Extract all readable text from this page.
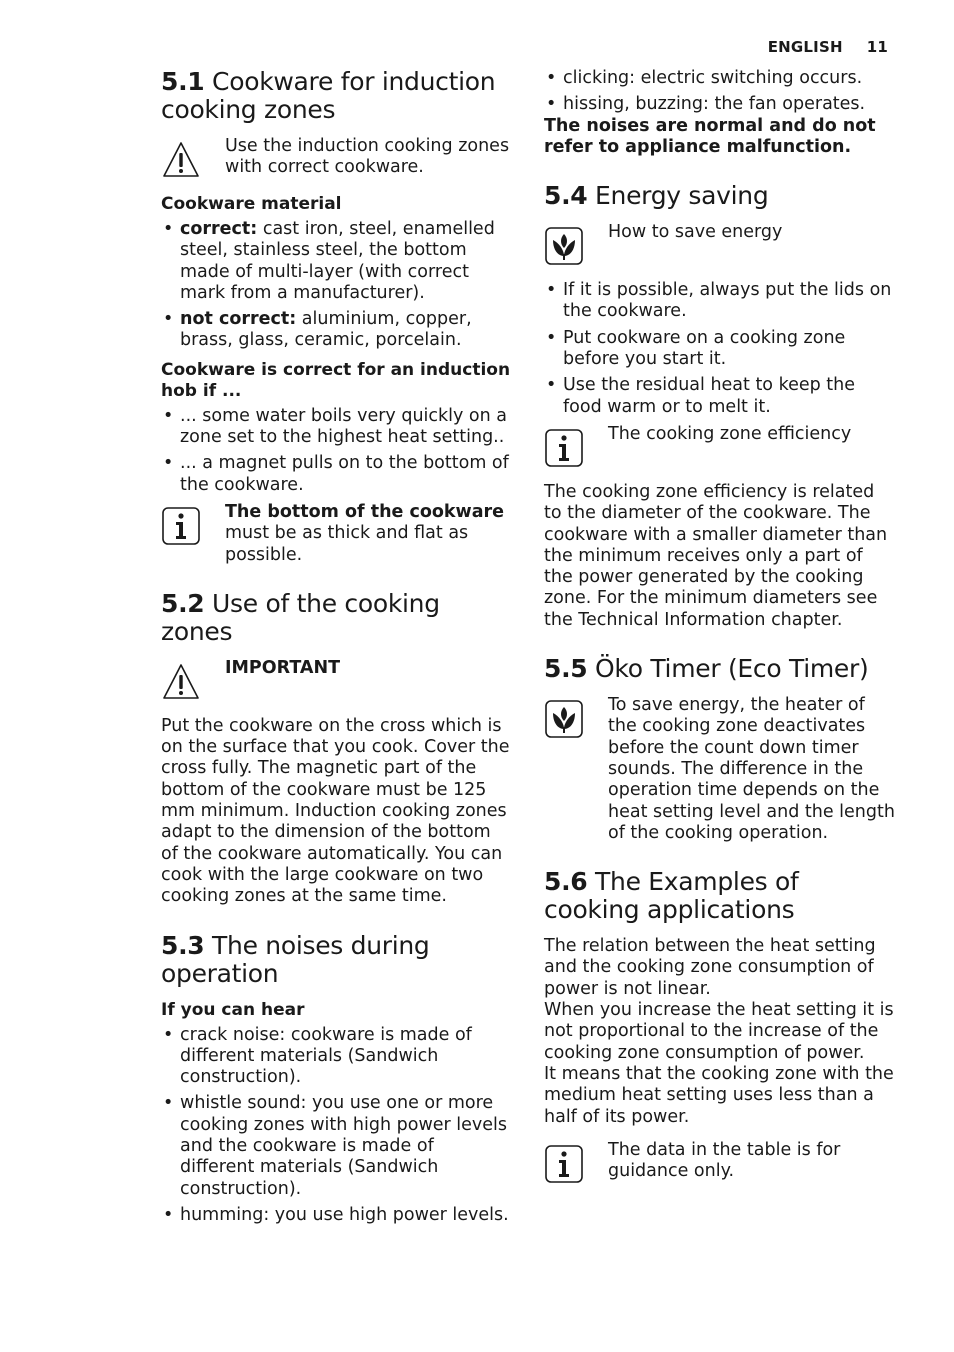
ENGLISH 11
5.1 Cookware for induction cooking zones
Use the induction cooking zones with correct cookware.
Cookware material
• correct: cast iron, steel, enamelled steel, stainless steel, the bottom made of multi-layer (with correct mark from a manufacturer).
• not correct: aluminium, copper, brass, glass, ceramic, porcelain.
Cookware is correct for an induction hob if ...
• ... some water boils very quickly on a zone set to the highest heat setting..
• ... a magnet pulls on to the bottom of the cookware.
The bottom of the cookware must be as thick and flat as possible.
5.2 Use of the cooking zones
IMPORTANT

Put the cookware on the cross which is on the surface that you cook. Cover the cross fully. The magnetic part of the bottom of the cookware must be 125 mm minimum. Induction cooking zones adapt to the dimension of the bottom of the cookware automatically. You can cook with the large cookware on two cooking zones at the same time.

5.3 The noises during operation
If you can hear
• crack noise: cookware is made of different materials (Sandwich construction).
• whistle sound: you use one or more cooking zones with high power levels and the cookware is made of different materials (Sandwich construction).
• humming: you use high power levels.
• clicking: electric switching occurs.
• hissing, buzzing: the fan operates.

The noises are normal and do not refer to appliance malfunction.

5.4 Energy saving
How to save energy
• If it is possible, always put the lids on the cookware.
• Put cookware on a cooking zone before you start it.
• Use the residual heat to keep the food warm or to melt it.
The cooking zone efficiency

The cooking zone efficiency is related to the diameter of the cookware. The cookware with a smaller diameter than the minimum receives only a part of the power generated by the cooking zone. For the minimum diameters see the Technical Information chapter.

5.5 Öko Timer (Eco Timer)
To save energy, the heater of the cooking zone deactivates before the count down timer sounds. The difference in the operation time depends on the heat setting level and the length of the cooking operation.
5.6 The Examples of cooking applications

The relation between the heat setting and the cooking zone consumption of power is not linear.

When you increase the heat setting it is not proportional to the increase of the cooking zone consumption of power.

It means that the cooking zone with the medium heat setting uses less than a half of its power.

The data in the table is for guidance only.
